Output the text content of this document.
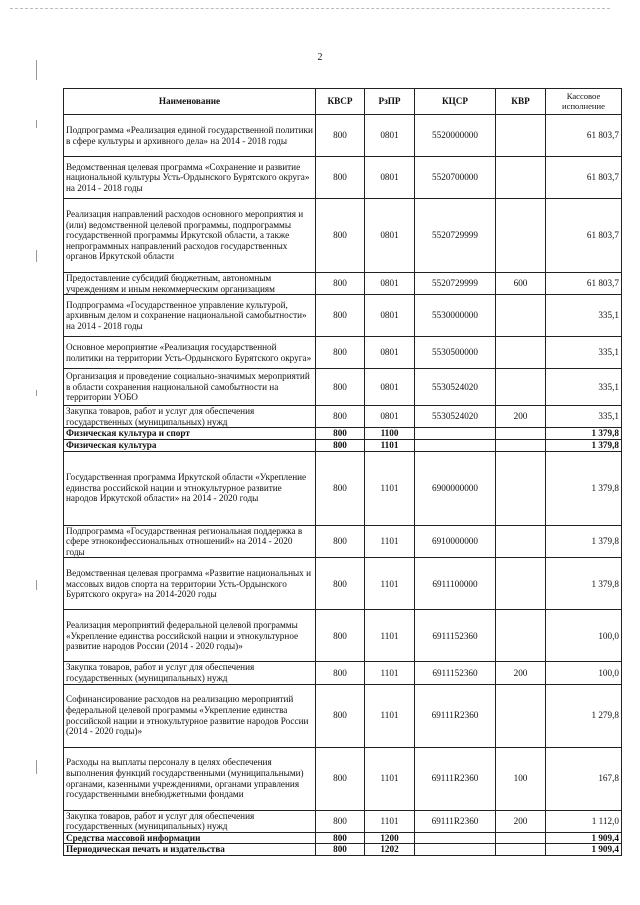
2
Наименование	КВСР	РзПР	КЦСР	КВР	Кассовое исполнение
Подпрограмма «Реализация единой государственной политики в сфере культуры и архивного дела» на 2014 - 2018 годы	800	0801	5520000000		61 803,7
Ведомственная целевая программа «Сохранение и развитие национальной культуры Усть-Ордынского Бурятского округа» на 2014 - 2018 годы	800	0801	5520700000		61 803,7
Реализация направлений расходов основного мероприятия и (или) ведомственной целевой программы, подпрограммы государственной программы Иркутской области, а также непрограммных направлений расходов государственных органов Иркутской области	800	0801	5520729999		61 803,7
Предоставление субсидий бюджетным, автономным учреждениям и иным некоммерческим организациям	800	0801	5520729999	600	61 803,7
Подпрограмма «Государственное управление культурой, архивным делом и сохранение национальной самобытности» на 2014 - 2018 годы	800	0801	5530000000		335,1
Основное мероприятие «Реализация государственной политики на территории Усть-Ордынского Бурятского округа»	800	0801	5530500000		335,1
Организация и проведение социально-значимых мероприятий в области сохранения национальной самобытности на территории УОБО	800	0801	5530524020		335,1
Закупка товаров, работ и услуг для обеспечения государственных (муниципальных) нужд	800	0801	5530524020	200	335,1
Физическая культура и спорт	800	1100			1 379,8
Физическая культура	800	1101			1 379,8
Государственная программа Иркутской области «Укрепление единства российской нации и этнокультурное развитие народов Иркутской области» на 2014 - 2020 годы	800	1101	6900000000		1 379,8
Подпрограмма «Государственная региональная поддержка в сфере этноконфессиональных отношений» на 2014 - 2020 годы	800	1101	6910000000		1 379,8
Ведомственная целевая программа «Развитие национальных и массовых видов спорта на территории Усть-Ордынского Бурятского округа» на 2014-2020 годы	800	1101	6911100000		1 379,8
Реализация мероприятий федеральной целевой программы «Укрепление единства российской нации и этнокультурное развитие народов России (2014 - 2020 годы)»	800	1101	6911152360		100,0
Закупка товаров, работ и услуг для обеспечения государственных (муниципальных) нужд	800	1101	6911152360	200	100,0
Софинансирование расходов на реализацию мероприятий федеральной целевой программы «Укрепление единства российской нации и этнокультурное развитие народов России (2014 - 2020 годы)»	800	1101	69111R2360		1 279,8
Расходы на выплаты персоналу в целях обеспечения выполнения функций государственными (муниципальными) органами, казенными учреждениями, органами управления государственными внебюджетными фондами	800	1101	69111R2360	100	167,8
Закупка товаров, работ и услуг для обеспечения государственных (муниципальных) нужд	800	1101	69111R2360	200	1 112,0
Средства массовой информации	800	1200			1 909,4
Периодическая печать и издательства	800	1202			1 909,4
